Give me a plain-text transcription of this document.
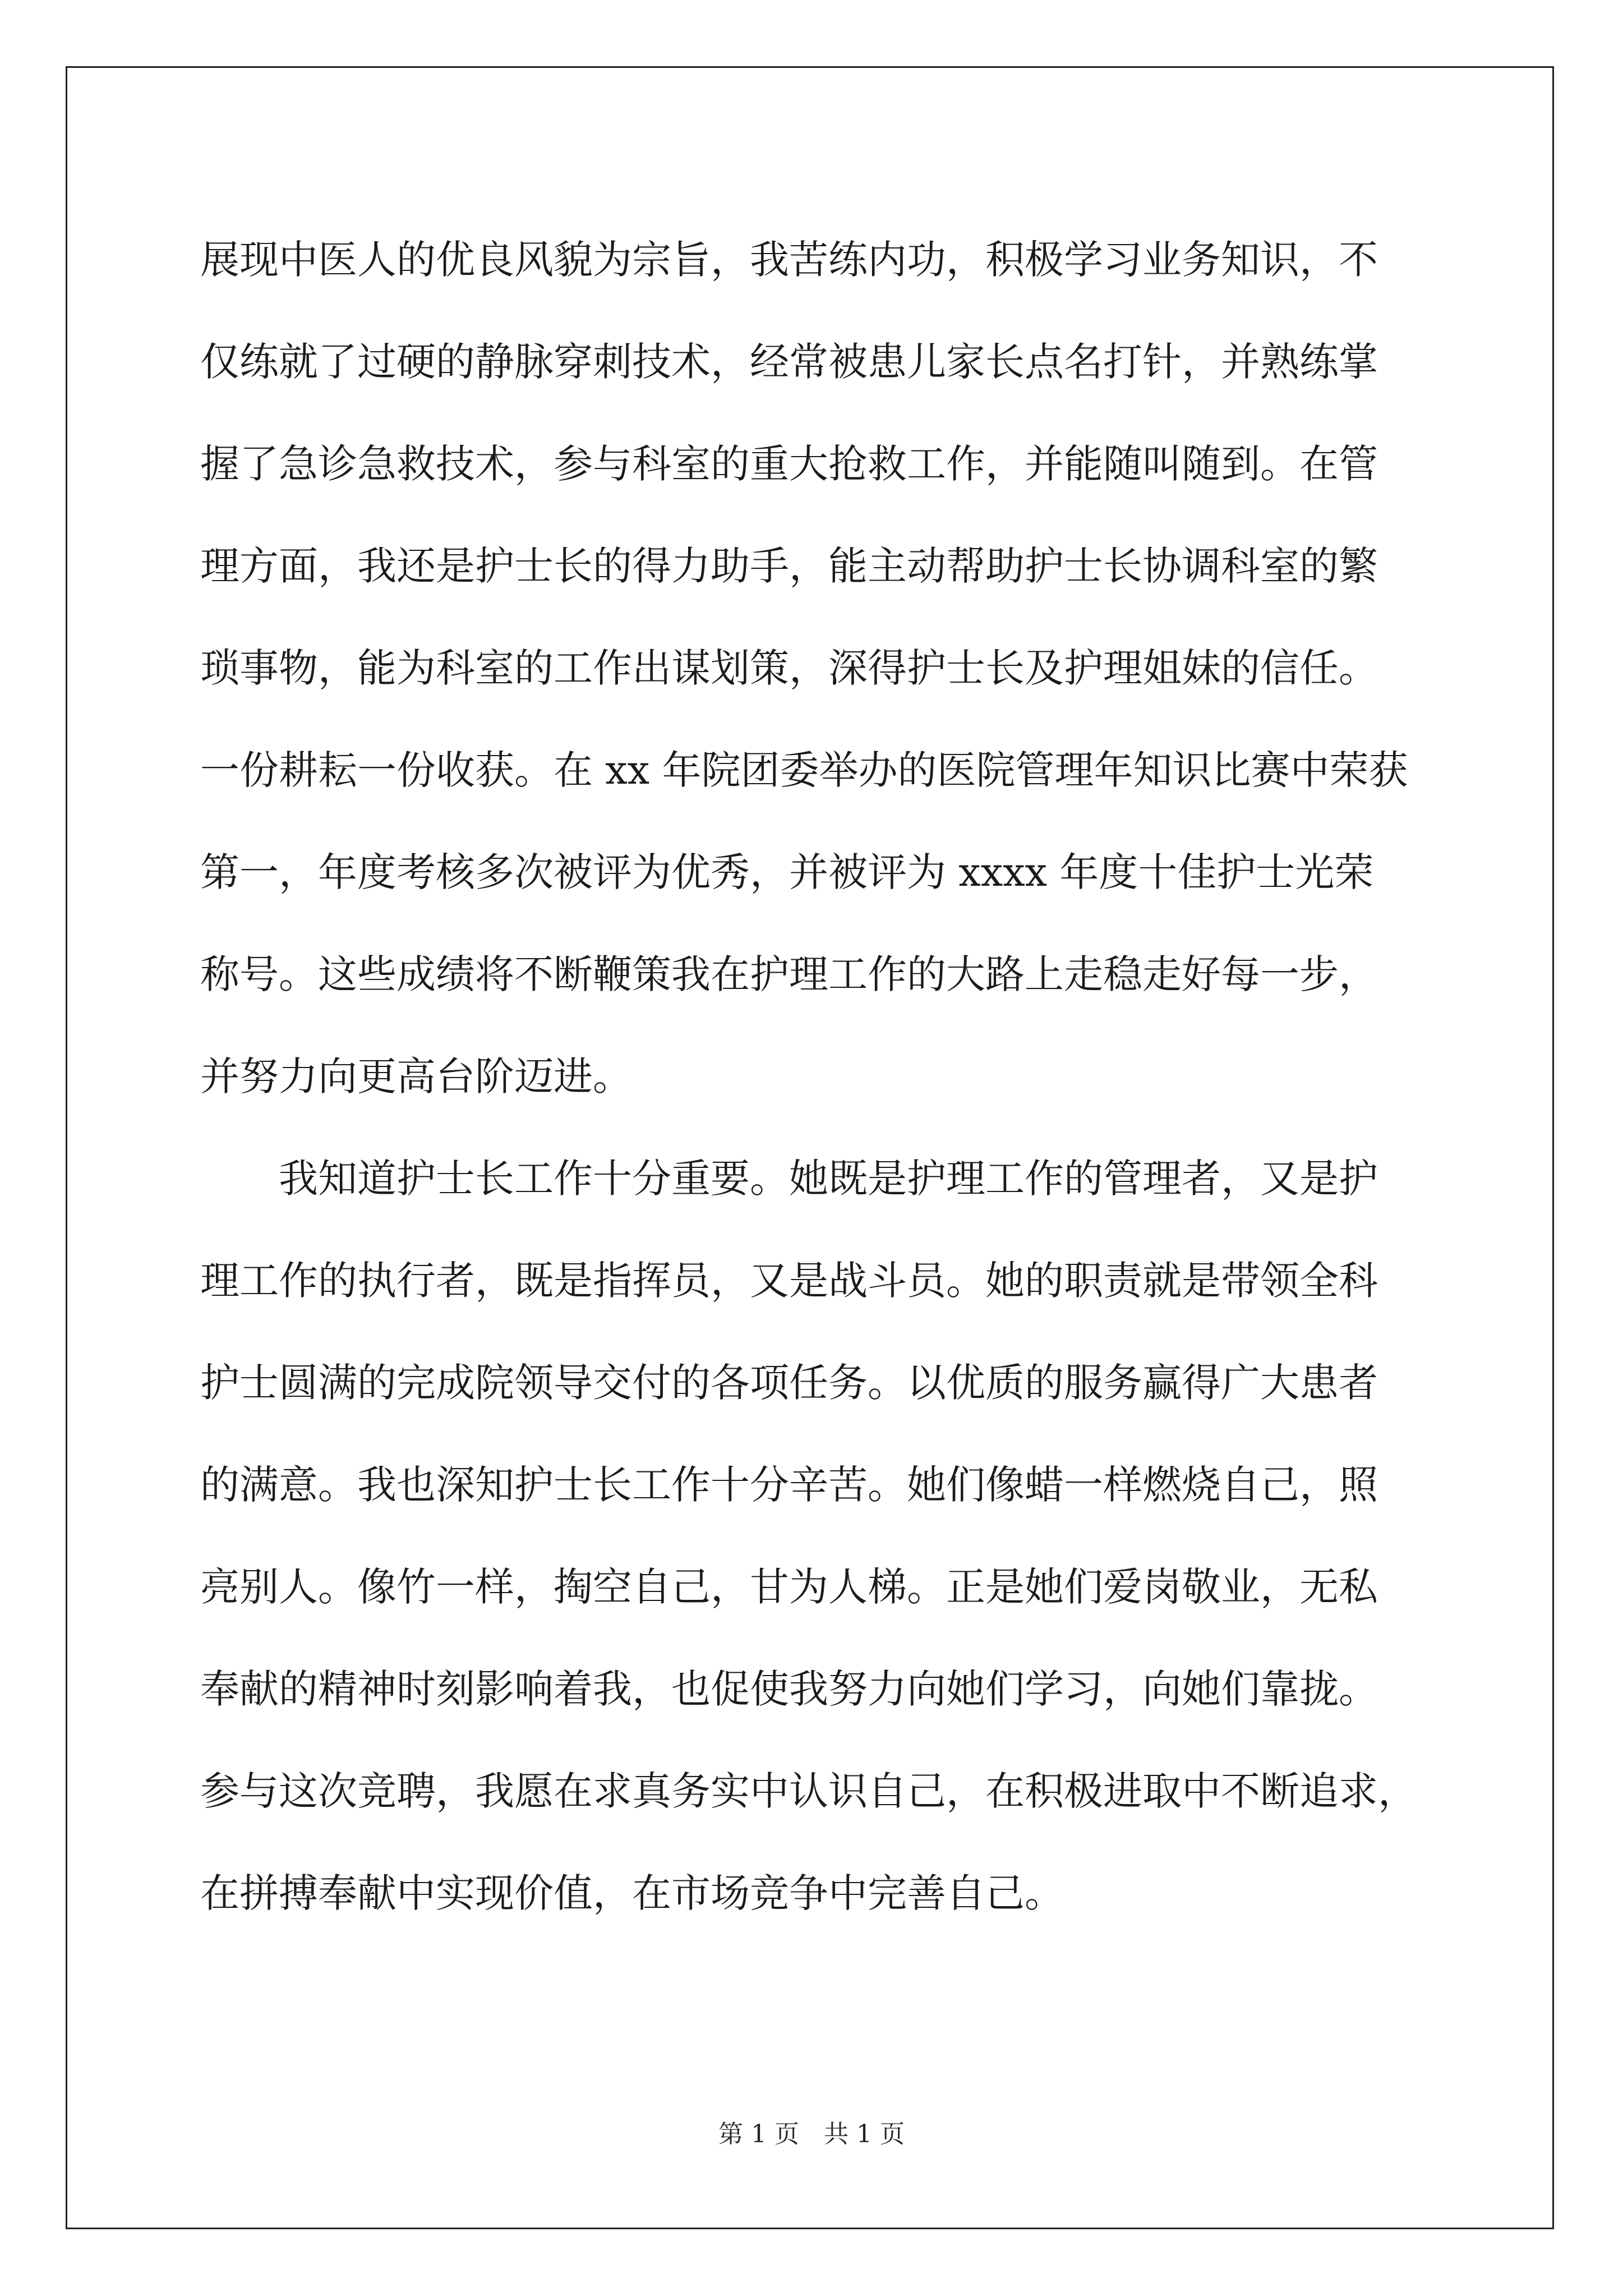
展现中医人的优良风貌为宗旨，我苦练内功，积极学习业务知识，不

仅练就了过硬的静脉穿刺技术，经常被患儿家长点名打针，并熟练掌

握了急诊急救技术，参与科室的重大抢救工作，并能随叫随到。在管

理方面，我还是护士长的得力助手，能主动帮助护士长协调科室的繁

琐事物，能为科室的工作出谋划策，深得护士长及护理姐妹的信任。

一份耕耘一份收获。在 xx 年院团委举办的医院管理年知识比赛中荣获

第一，年度考核多次被评为优秀，并被评为 xxxx 年度十佳护士光荣

称号。这些成绩将不断鞭策我在护理工作的大路上走稳走好每一步，

并努力向更高台阶迈进。

　　我知道护士长工作十分重要。她既是护理工作的管理者，又是护

理工作的执行者，既是指挥员，又是战斗员。她的职责就是带领全科

护士圆满的完成院领导交付的各项任务。以优质的服务赢得广大患者

的满意。我也深知护士长工作十分辛苦。她们像蜡一样燃烧自己，照

亮别人。像竹一样，掏空自己，甘为人梯。正是她们爱岗敬业，无私

奉献的精神时刻影响着我，也促使我努力向她们学习，向她们靠拢。

参与这次竞聘，我愿在求真务实中认识自己，在积极进取中不断追求，

在拼搏奉献中实现价值，在市场竞争中完善自己。

第 1 页　共 1 页
